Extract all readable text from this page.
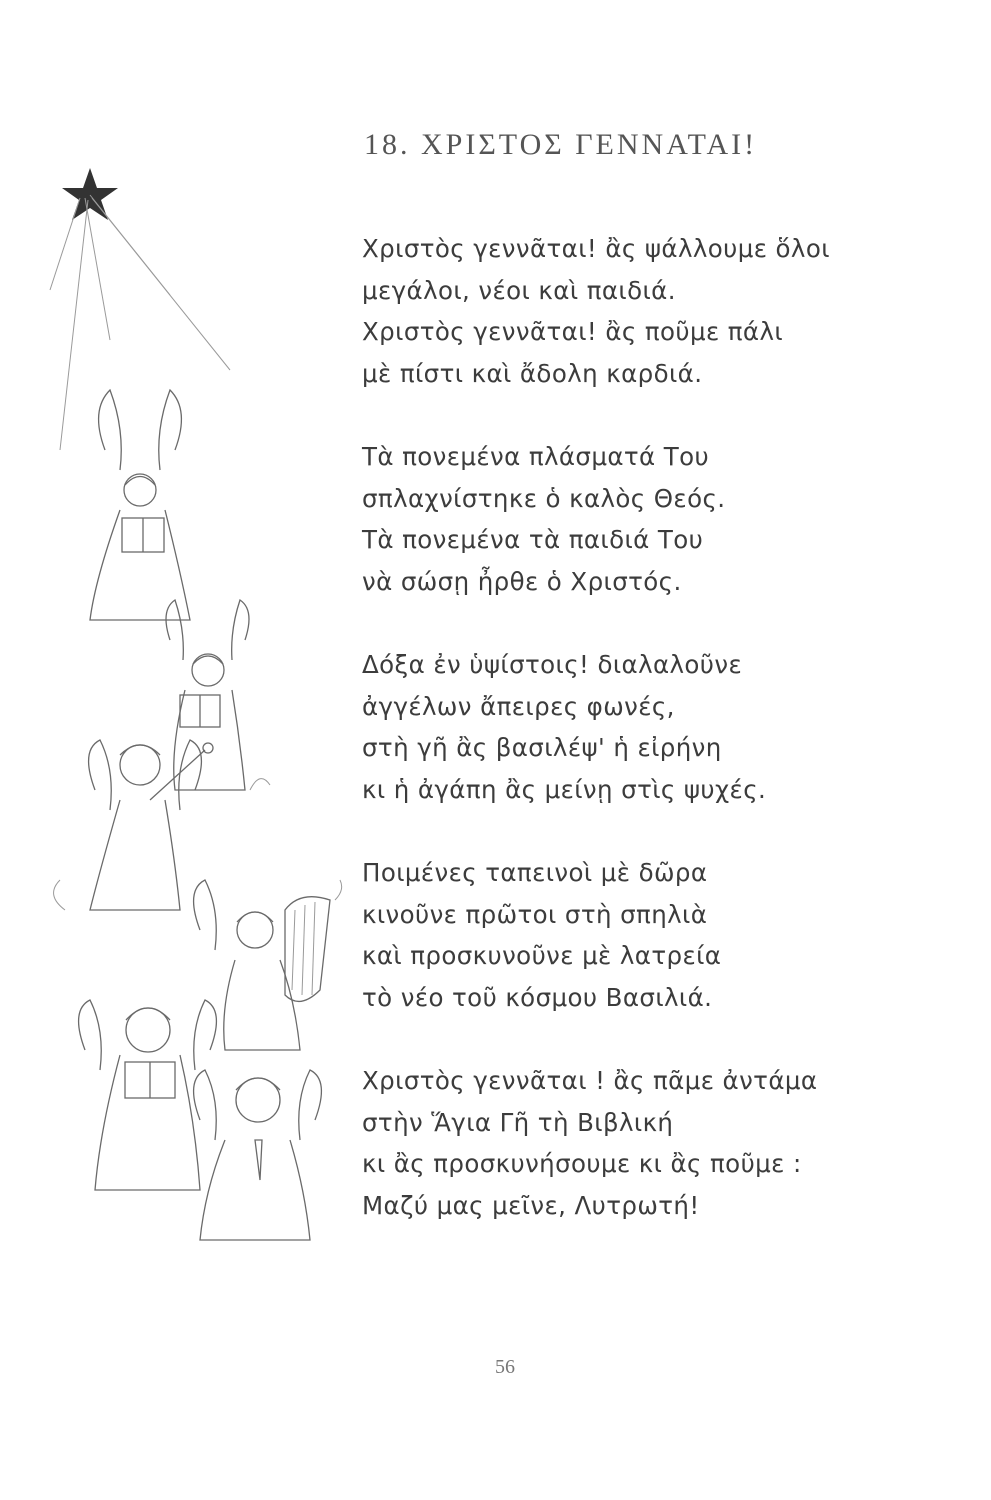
18. ΧΡΙΣΤΟΣ ΓΕΝΝΑΤΑΙ!
Χριστὸς γεννᾶται! ἂς ψάλλουμε ὅλοι
μεγάλοι, νέοι καὶ παιδιά.
Χριστὸς γεννᾶται! ἂς ποῦμε πάλι
μὲ πίστι καὶ ἄδολη καρδιά.
Τὰ πονεμένα πλάσματά Του
σπλαχνίστηκε ὁ καλὸς Θεός.
Τὰ πονεμένα τὰ παιδιά Του
νὰ σώσῃ ἦρθε ὁ Χριστός.
Δόξα ἐν ὑψίστοις! διαλαλοῦνε
ἀγγέλων ἄπειρες φωνές,
στὴ γῆ ἂς βασιλέψ' ἡ εἰρήνη
κι ἡ ἀγάπη ἂς μείνῃ στὶς ψυχές.
Ποιμένες ταπεινοὶ μὲ δῶρα
κινοῦνε πρῶτοι στὴ σπηλιὰ
καὶ προσκυνοῦνε μὲ λατρεία
τὸ νέο τοῦ κόσμου Βασιλιά.
Χριστὸς γεννᾶται ! ἂς πᾶμε ἀντάμα
στὴν Ἅγια Γῆ τὴ Βιβλική
κι ἂς προσκυνήσουμε κι ἂς ποῦμε :
Μαζύ μας μεῖνε, Λυτρωτή!
56
